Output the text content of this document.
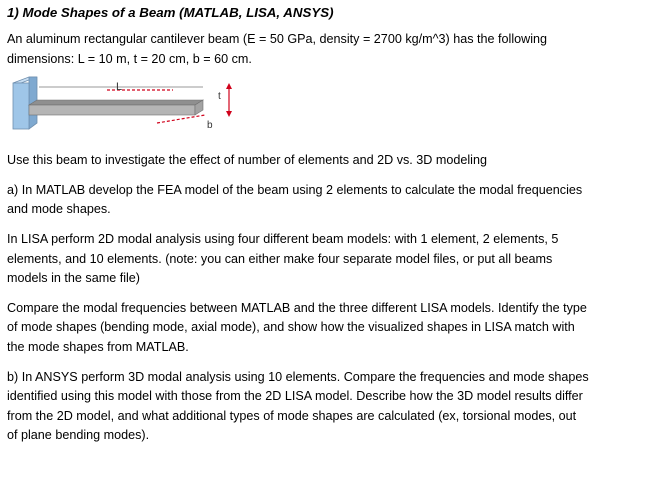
1) Mode Shapes of a Beam (MATLAB, LISA, ANSYS)
An aluminum rectangular cantilever beam (E = 50 GPa, density = 2700 kg/m^3) has the following
dimensions: L = 10 m, t = 20 cm, b = 60 cm.
L
t
b
Use this beam to investigate the effect of number of elements and 2D vs. 3D modeling
a) In MATLAB develop the FEA model of the beam using 2 elements to calculate the modal frequencies
and mode shapes.
In LISA perform 2D modal analysis using four different beam models: with 1 element, 2 elements, 5
elements, and 10 elements. (note: you can either make four separate model files, or put all beams
models in the same file)
Compare the modal frequencies between MATLAB and the three different LISA models. Identify the type
of mode shapes (bending mode, axial mode), and show how the visualized shapes in LISA match with
the mode shapes from MATLAB.
b) In ANSYS perform 3D modal analysis using 10 elements. Compare the frequencies and mode shapes
identified using this model with those from the 2D LISA model. Describe how the 3D model results differ
from the 2D model, and what additional types of mode shapes are calculated (ex, torsional modes, out
of plane bending modes).
